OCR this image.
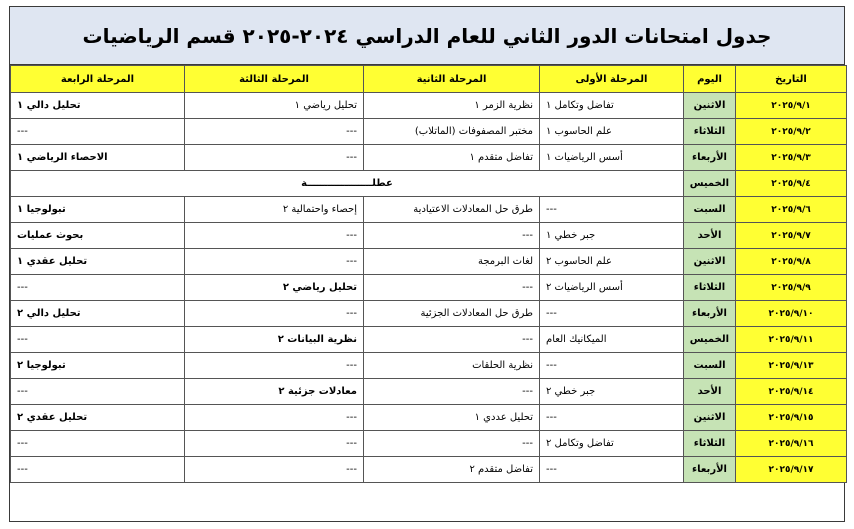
جدول امتحانات الدور الثاني للعام الدراسي ٢٠٢٤-٢٠٢٥ قسم الرياضيات
التاريخ	اليوم	المرحلة الأولى	المرحلة الثانية	المرحلة الثالثة	المرحلة الرابعة
٢٠٢٥/٩/١	الاثنين	تفاضل وتكامل ١	نظرية الزمر ١	تحليل رياضي ١	تحليل دالي ١
٢٠٢٥/٩/٢	الثلاثاء	علم الحاسوب ١	مختبر المصفوفات (الماتلاب)	---	---
٢٠٢٥/٩/٣	الأربعاء	أسس الرياضيات ١	تفاضل متقدم ١	---	الاحصاء الرياضي ١
٢٠٢٥/٩/٤	الخميس	عطلـــــــــــــــــــة			
٢٠٢٥/٩/٦	السبت	---	طرق حل المعادلات الاعتيادية	إحصاء واحتمالية ٢	تبولوجيا ١
٢٠٢٥/٩/٧	الأحد	جبر خطي ١	---	---	بحوث عمليات
٢٠٢٥/٩/٨	الاثنين	علم الحاسوب ٢	لغات البرمجة	---	تحليل عقدي ١
٢٠٢٥/٩/٩	الثلاثاء	أسس الرياضيات ٢	---	تحليل رياضي ٢	---
٢٠٢٥/٩/١٠	الأربعاء	---	طرق حل المعادلات الجزئية	---	تحليل دالي ٢
٢٠٢٥/٩/١١	الخميس	الميكانيك العام	---	نظرية البيانات ٢	---
٢٠٢٥/٩/١٣	السبت	---	نظرية الحلقات	---	تبولوجيا ٢
٢٠٢٥/٩/١٤	الأحد	جبر خطي ٢	---	معادلات جزئية ٢	---
٢٠٢٥/٩/١٥	الاثنين	---	تحليل عددي ١	---	تحليل عقدي ٢
٢٠٢٥/٩/١٦	الثلاثاء	تفاضل وتكامل ٢	---	---	---
٢٠٢٥/٩/١٧	الأربعاء	---	تفاضل متقدم ٢	---	---
